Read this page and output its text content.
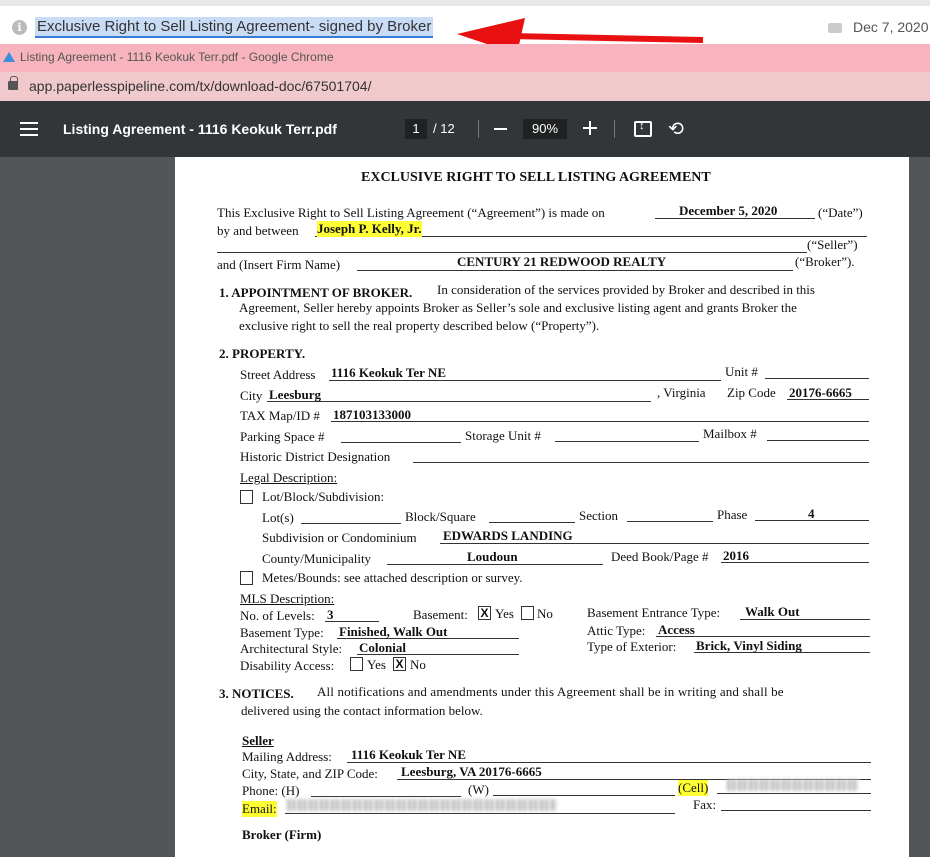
i	Exclusive Right to Sell Listing Agreement- signed by Broker	Dec 7, 2020
Listing Agreement - 1116 Keokuk Terr.pdf - Google Chrome
app.paperlesspipeline.com/tx/download-doc/67501704/
Listing Agreement - 1116 Keokuk Terr.pdf	1	/ 12	90%
↕	⟲
EXCLUSIVE RIGHT TO SELL LISTING AGREEMENT
This Exclusive Right to Sell Listing Agreement (“Agreement”) is made on	December 5, 2020	(“Date”)
by and between Joseph P. Kelly, Jr.
(“Seller”)
and (Insert Firm Name)	CENTURY 21 REDWOOD REALTY	(“Broker”).
1. APPOINTMENT OF BROKER. In consideration of the services provided by Broker and described in this
Agreement, Seller hereby appoints Broker as Seller’s sole and exclusive listing agent and grants Broker the
exclusive right to sell the real property described below (“Property”).
2. PROPERTY.
Street Address 1116 Keokuk Ter NE	Unit #
City Leesburg	, Virginia Zip Code 20176-6665
TAX Map/ID # 187103133000
Parking Space #	Storage Unit #	Mailbox #
Historic District Designation
Legal Description:
Lot/Block/Subdivision:
Lot(s)	Block/Square	Section	Phase	4
Subdivision or Condominium EDWARDS LANDING
County/Municipality	Loudoun	Deed Book/Page # 2016
Metes/Bounds: see attached description or survey.
MLS Description:
No. of Levels: 3	Basement: X Yes No	Basement Entrance Type: Walk Out
Basement Type: Finished, Walk Out	Attic Type: Access
Architectural Style: Colonial	Type of Exterior: Brick, Vinyl Siding
Disability Access:	Yes X No
3. NOTICES. All notifications and amendments under this Agreement shall be in writing and shall be
delivered using the contact information below.
Seller
Mailing Address: 1116 Keokuk Ter NE
City, State, and ZIP Code: Leesburg, VA 20176-6665
Phone: (H)	(W)	(Cell)
Email:	Fax:
Broker (Firm)
